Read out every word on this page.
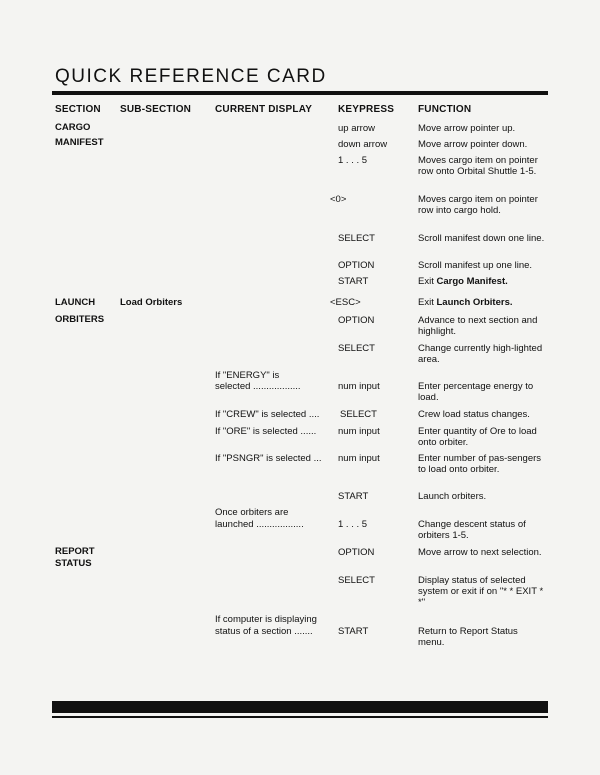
QUICK REFERENCE CARD
SECTION SUB-SECTION CURRENT DISPLAY	KEYPRESS FUNCTION
CARGO
MANIFEST
LAUNCH
ORBITERS
REPORT
STATUS
Load Orbiters
If "ENERGY" is
selected ..................
If "CREW" is selected ....
If "ORE" is selected ......
If "PSNGR" is selected ...
Once orbiters are
launched ..................
If computer is displaying
status of a section .......
up arrow
down arrow
1 . . . 5
<0>
SELECT
OPTION
START
<ESC>
OPTION
SELECT
num input
SELECT
num input
num input
START
1 . . . 5
OPTION
SELECT
START
Move arrow pointer up.
Move arrow pointer down.
Moves cargo item on pointer row onto Orbital Shuttle 1-5.
Moves cargo item on pointer row into cargo hold.
Scroll manifest down one line.
Scroll manifest up one line.
Exit Cargo Manifest.
Exit Launch Orbiters.
Advance to next section and highlight.
Change currently high-lighted area.
Enter percentage energy to load.
Crew load status changes.
Enter quantity of Ore to load onto orbiter.
Enter number of pas-sengers to load onto orbiter.
Launch orbiters.
Change descent status of orbiters 1-5.
Move arrow to next selection.
Display status of selected system or exit if on "* * EXIT * *"
Return to Report Status menu.
